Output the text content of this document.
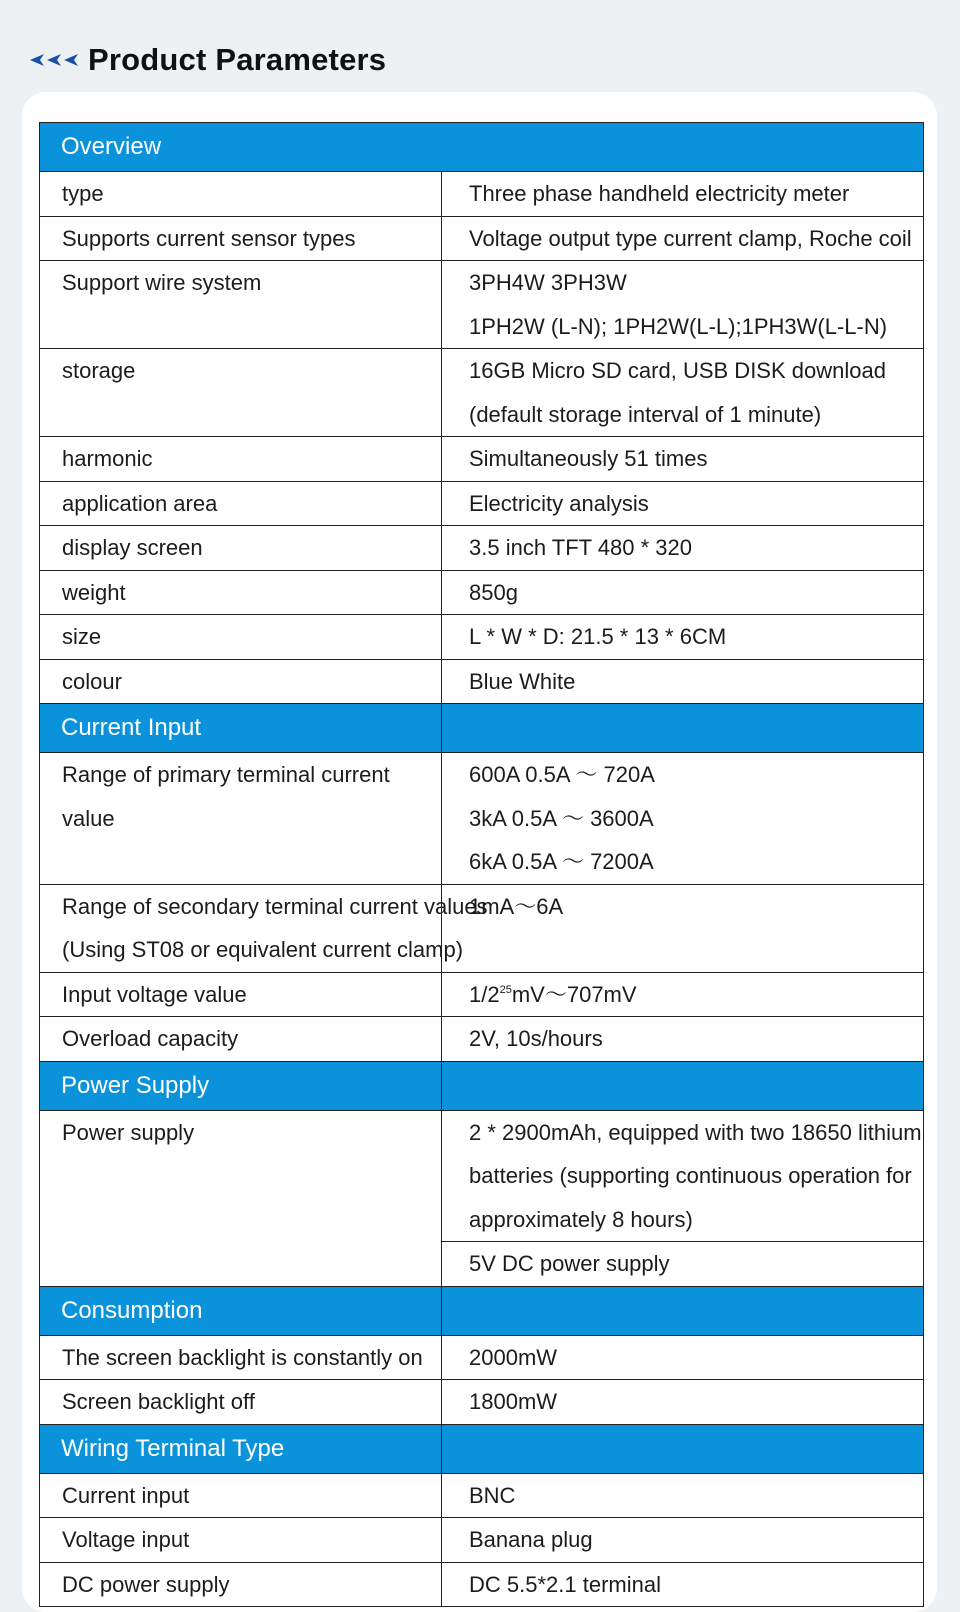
Product Parameters
Overview	
type	Three phase handheld electricity meter
Supports current sensor types	Voltage output type current clamp, Roche coil
Support wire system	3PH4W 3PH3W
1PH2W (L-N); 1PH2W(L-L);1PH3W(L-L-N)

storage	16GB Micro SD card, USB DISK download
(default storage interval of 1 minute)

harmonic	Simultaneously 51 times
application area	Electricity analysis
display screen	3.5 inch TFT 480 * 320
weight	850g
size	L * W * D: 21.5 * 13 * 6CM
colour	Blue White
Current Input	
Range of primary terminal current value	600A 0.5A ～ 720A
3kA 0.5A ～ 3600A
6kA 0.5A ～ 7200A

Range of secondary terminal current values
(Using ST08 or equivalent current clamp)	1mA～6A
Input voltage value	$1/2^{25}mV\sim 707mV$
Overload capacity	2V, 10s/hours
Power Supply	
Power supply	2 * 2900mAh, equipped with two 18650 lithium
batteries (supporting continuous operation for
approximately 8 hours)

	5V DC power supply
Consumption	
The screen backlight is constantly on	2000mW
Screen backlight off	1800mW
Wiring Terminal Type	
Current input	BNC
Voltage input	Banana plug
DC power supply	DC 5.5*2.1 terminal
